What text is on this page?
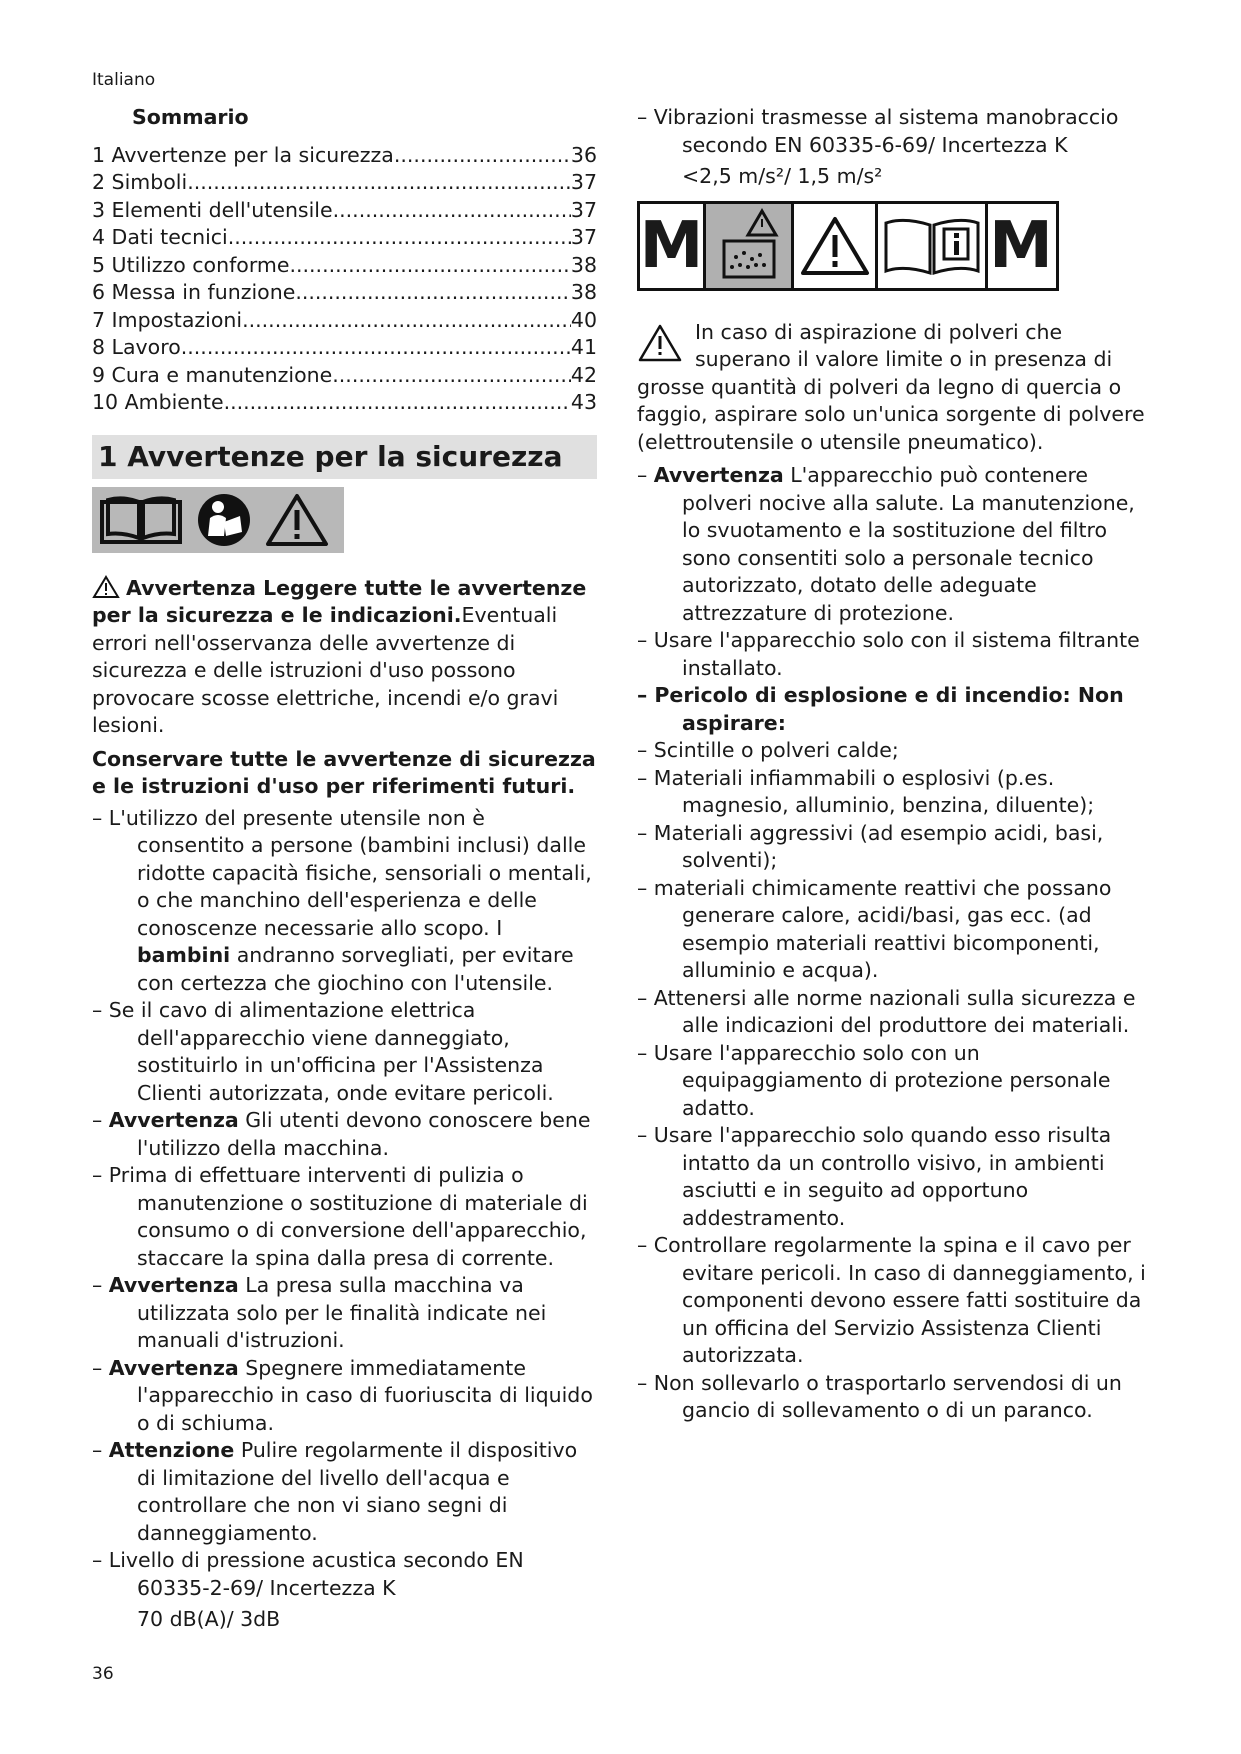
Italiano
Sommario
1 Avvertenze per la sicurezza .....	36
2 Simboli .....	37
3 Elementi dell'utensile .....	37
4 Dati tecnici .....	37
5 Utilizzo conforme .....	38
6 Messa in funzione .....	38
7 Impostazioni .....	40
8 Lavoro .....	41
9 Cura e manutenzione .....	42
10 Ambiente .....	43
1 Avvertenze per la sicurezza

Avvertenza Leggere tutte le avvertenze per la sicurezza e le indicazioni.Eventuali errori nell'osservanza delle avvertenze di sicurezza e delle istruzioni d'uso possono provocare scosse elettriche, incendi e/o gravi lesioni.

Conservare tutte le avvertenze di sicurezza e le istruzioni d'uso per riferimenti futuri.

– L'utilizzo del presente utensile non è consentito a persone (bambini inclusi) dalle ridotte capacità fisiche, sensoriali o mentali, o che manchino dell'esperienza e delle conoscenze necessarie allo scopo. I bambini andranno sorvegliati, per evitare con certezza che giochino con l'utensile.
– Se il cavo di alimentazione elettrica dell'apparecchio viene danneggiato, sostituirlo in un'officina per l'Assistenza Clienti autorizzata, onde evitare pericoli.
– Avvertenza Gli utenti devono conoscere bene l'utilizzo della macchina.
– Prima di effettuare interventi di pulizia o manutenzione o sostituzione di materiale di consumo o di conversione dell'apparecchio, staccare la spina dalla presa di corrente.
– Avvertenza La presa sulla macchina va utilizzata solo per le finalità indicate nei manuali d'istruzioni.
– Avvertenza Spegnere immediatamente l'apparecchio in caso di fuoriuscita di liquido o di schiuma.
– Attenzione Pulire regolarmente il dispositivo di limitazione del livello dell'acqua e controllare che non vi siano segni di danneggiamento.
– Livello di pressione acustica secondo EN 60335-2-69/ Incertezza K
70 dB(A)/ 3dB
– Vibrazioni trasmesse al sistema manobraccio secondo EN 60335-6-69/ Incertezza K
<2,5 m/s²/ 1,5 m/s²
M	M
In caso di aspirazione di polveri che superano il valore limite o in presenza di grosse quantità di polveri da legno di quercia o faggio, aspirare solo un'unica sorgente di polvere (elettroutensile o utensile pneumatico).
– Avvertenza L'apparecchio può contenere polveri nocive alla salute. La manutenzione, lo svuotamento e la sostituzione del filtro sono consentiti solo a personale tecnico autorizzato, dotato delle adeguate attrezzature di protezione.
– Usare l'apparecchio solo con il sistema filtrante installato.
– Pericolo di esplosione e di incendio: Non aspirare:
– Scintille o polveri calde;
– Materiali infiammabili o esplosivi (p.es. magnesio, alluminio, benzina, diluente);
– Materiali aggressivi (ad esempio acidi, basi, solventi);
– materiali chimicamente reattivi che possano generare calore, acidi/basi, gas ecc. (ad esempio materiali reattivi bicomponenti, alluminio e acqua).
– Attenersi alle norme nazionali sulla sicurezza e alle indicazioni del produttore dei materiali.
– Usare l'apparecchio solo con un equipaggiamento di protezione personale adatto.
– Usare l'apparecchio solo quando esso risulta intatto da un controllo visivo, in ambienti asciutti e in seguito ad opportuno addestramento.
– Controllare regolarmente la spina e il cavo per evitare pericoli. In caso di danneggiamento, i componenti devono essere fatti sostituire da un officina del Servizio Assistenza Clienti autorizzata.
– Non sollevarlo o trasportarlo servendosi di un gancio di sollevamento o di un paranco.
36
